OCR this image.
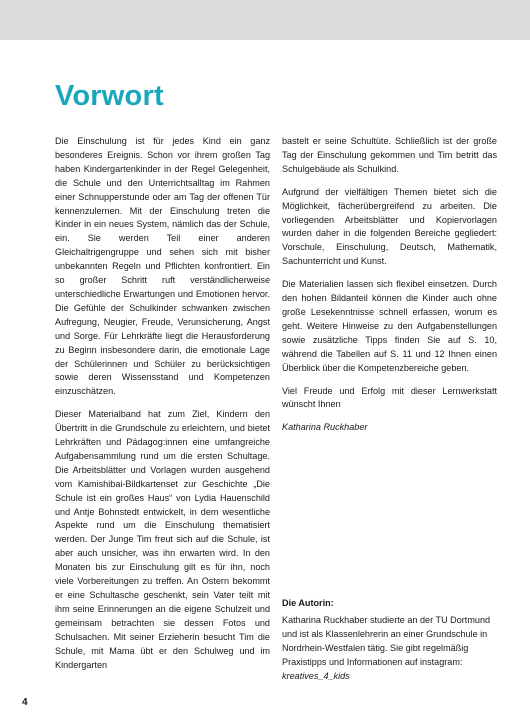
Vorwort

Die Einschulung ist für jedes Kind ein ganz besonderes Ereignis. Schon vor ihrem großen Tag haben Kindergartenkinder in der Regel Gelegenheit, die Schule und den Unterrichtsalltag im Rahmen einer Schnupperstunde oder am Tag der offenen Tür kennenzulernen. Mit der Einschulung treten die Kinder in ein neues System, nämlich das der Schule, ein. Sie werden Teil einer anderen Gleichaltrigengruppe und sehen sich mit bisher unbekannten Regeln und Pflichten konfrontiert. Ein so großer Schritt ruft verständlicherweise unterschiedliche Erwartungen und Emotionen hervor. Die Gefühle der Schulkinder schwanken zwischen Aufregung, Neugier, Freude, Verunsicherung, Angst und Sorge. Für Lehrkräfte liegt die Herausforderung zu Beginn insbesondere darin, die emotionale Lage der Schülerinnen und Schüler zu berücksichtigen sowie deren Wissensstand und Kompetenzen einzuschätzen.

Dieser Materialband hat zum Ziel, Kindern den Übertritt in die Grundschule zu erleichtern, und bietet Lehrkräften und Pädagog:innen eine umfangreiche Aufgabensammlung rund um die ersten Schultage. Die Arbeitsblätter und Vorlagen wurden ausgehend vom Kamishibai-Bildkartenset zur Geschichte „Die Schule ist ein großes Haus“ von Lydia Hauenschild und Antje Bohnstedt entwickelt, in dem wesentliche Aspekte rund um die Einschulung thematisiert werden. Der Junge Tim freut sich auf die Schule, ist aber auch unsicher, was ihn erwarten wird. In den Monaten bis zur Einschulung gilt es für ihn, noch viele Vorbereitungen zu treffen. An Ostern bekommt er eine Schultasche geschenkt, sein Vater teilt mit ihm seine Erinnerungen an die eigene Schulzeit und gemeinsam betrachten sie dessen Fotos und Schulsachen. Mit seiner Erzieherin besucht Tim die Schule, mit Mama übt er den Schulweg und im Kindergarten

bastelt er seine Schultüte. Schließlich ist der große Tag der Einschulung gekommen und Tim betritt das Schulgebäude als Schulkind.

Aufgrund der vielfältigen Themen bietet sich die Möglichkeit, fächerübergreifend zu arbeiten. Die vorliegenden Arbeitsblätter und Kopiervorlagen wurden daher in die folgenden Bereiche gegliedert: Vorschule, Einschulung, Deutsch, Mathematik, Sachunterricht und Kunst.

Die Materialien lassen sich flexibel einsetzen. Durch den hohen Bildanteil können die Kinder auch ohne große Lesekenntnisse schnell erfassen, worum es geht. Weitere Hinweise zu den Aufgabenstellungen sowie zusätzliche Tipps finden Sie auf S. 10, während die Tabellen auf S. 11 und 12 Ihnen einen Überblick über die Kompetenzbereiche geben.

Viel Freude und Erfolg mit dieser Lernwerkstatt wünscht Ihnen

Katharina Ruckhaber

Die Autorin:

Katharina Ruckhaber studierte an der TU Dortmund und ist als Klassenlehrerin an einer Grundschule in Nordrhein-Westfalen tätig. Sie gibt regelmäßig Praxistipps und Informationen auf instagram:
kreatives_4_kids

4
